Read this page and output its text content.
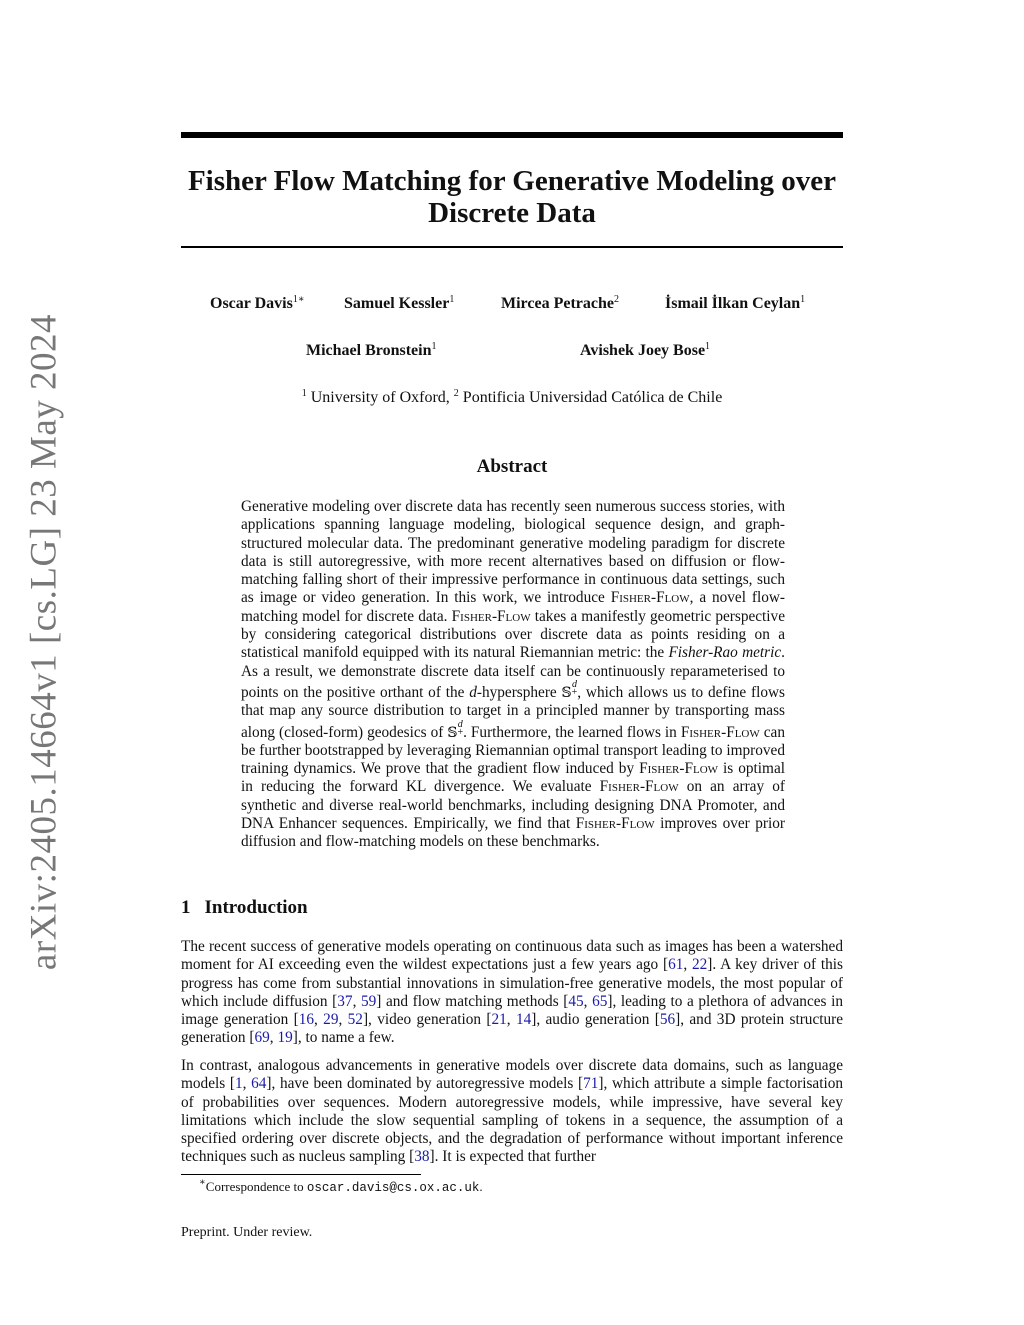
arXiv:2405.14664v1 [cs.LG] 23 May 2024
Fisher Flow Matching for Generative Modeling over
Discrete Data
Oscar Davis$^{1∗}$ Samuel Kessler$^1$	Mircea Petrache$^2$	İsmail İlkan Ceylan$^1$
Michael Bronstein$^1$	Avishek Joey Bose$^1$
$^1$ University of Oxford, $^2$ Pontificia Universidad Católica de Chile
Abstract
Generative modeling over discrete data has recently seen numerous success stories, with applications spanning language modeling, biological sequence design, and graph-structured molecular data. The predominant generative modeling paradigm for discrete data is still autoregressive, with more recent alternatives based on diffusion or flow-matching falling short of their impressive performance in continuous data settings, such as image or video generation. In this work, we introduce Fisher-Flow, a novel flow-matching model for discrete data. Fisher-Flow takes a manifestly geometric perspective by considering categorical distributions over discrete data as points residing on a statistical manifold equipped with its natural Riemannian metric: the Fisher-Rao metric. As a result, we demonstrate discrete data itself can be continuously reparameterised to points on the positive orthant of the d-hypersphere 𝕊d
+, which allows us to define flows that map any source distribution to target in a principled manner by transporting mass along (closed-form) geodesics of 𝕊d
+. Furthermore, the learned flows in Fisher-Flow can be further bootstrapped by leveraging Riemannian optimal transport leading to improved training dynamics. We prove that the gradient flow induced by Fisher-Flow is optimal in reducing the forward KL divergence. We evaluate Fisher-Flow on an array of synthetic and diverse real-world benchmarks, including designing DNA Promoter, and DNA Enhancer sequences. Empirically, we find that Fisher-Flow improves over prior diffusion and flow-matching models on these benchmarks.
1 Introduction
The recent success of generative models operating on continuous data such as images has been a watershed moment for AI exceeding even the wildest expectations just a few years ago [61, 22]. A key driver of this progress has come from substantial innovations in simulation-free generative models, the most popular of which include diffusion [37, 59] and flow matching methods [45, 65], leading to a plethora of advances in image generation [16, 29, 52], video generation [21, 14], audio generation [56], and 3D protein structure generation [69, 19], to name a few.
In contrast, analogous advancements in generative models over discrete data domains, such as language models [1, 64], have been dominated by autoregressive models [71], which attribute a simple factorisation of probabilities over sequences. Modern autoregressive models, while impressive, have several key limitations which include the slow sequential sampling of tokens in a sequence, the assumption of a specified ordering over discrete objects, and the degradation of performance without important inference techniques such as nucleus sampling [38]. It is expected that further
∗Correspondence to oscar.davis@cs.ox.ac.uk.
Preprint. Under review.
